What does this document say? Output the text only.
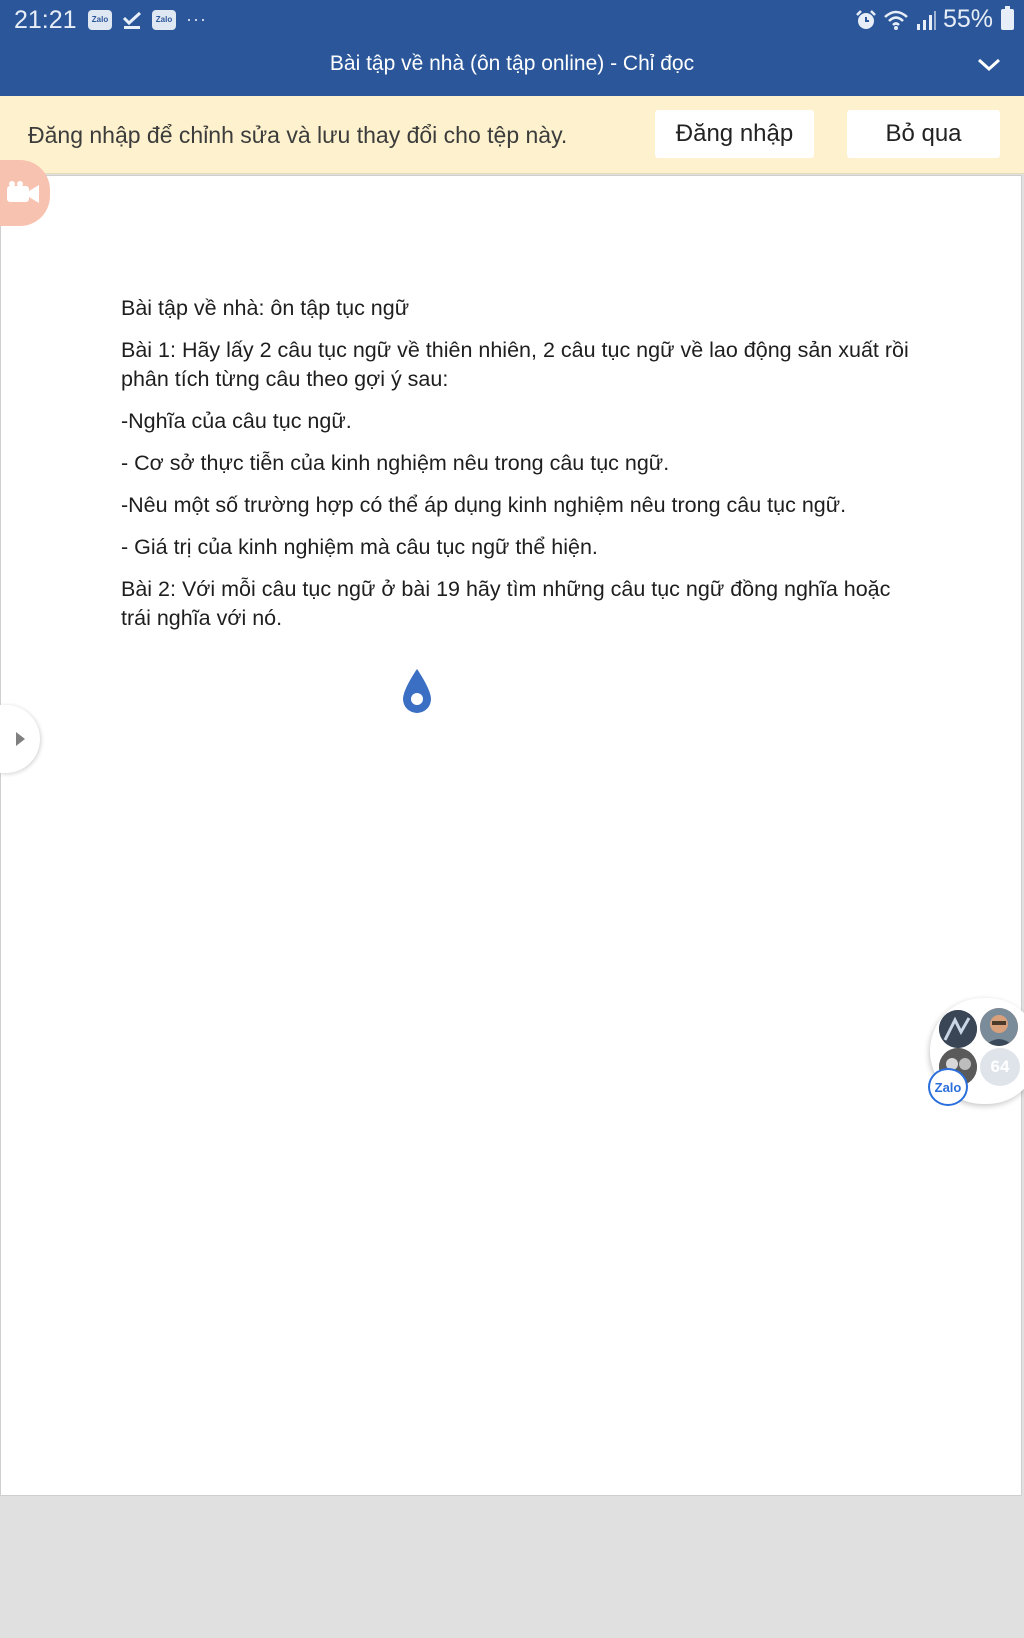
21:21	Zalo	Zalo ···	55%
Bài tập về nhà (ôn tập online) - Chỉ đọc
Đăng nhập để chỉnh sửa và lưu thay đổi cho tệp này.	Đăng nhập	Bỏ qua

Bài tập về nhà: ôn tập tục ngữ

Bài 1: Hãy lấy 2 câu tục ngữ về thiên nhiên, 2 câu tục ngữ về lao động sản xuất rồi phân tích từng câu theo gợi ý sau:

-Nghĩa của câu tục ngữ.

- Cơ sở thực tiễn của kinh nghiệm nêu trong câu tục ngữ.

-Nêu một số trường hợp có thể áp dụng kinh nghiệm nêu trong câu tục ngữ.

- Giá trị của kinh nghiệm mà câu tục ngữ thể hiện.

Bài 2: Với mỗi câu tục ngữ ở bài 19 hãy tìm những câu tục ngữ đồng nghĩa hoặc trái nghĩa với nó.

64
Zalo
